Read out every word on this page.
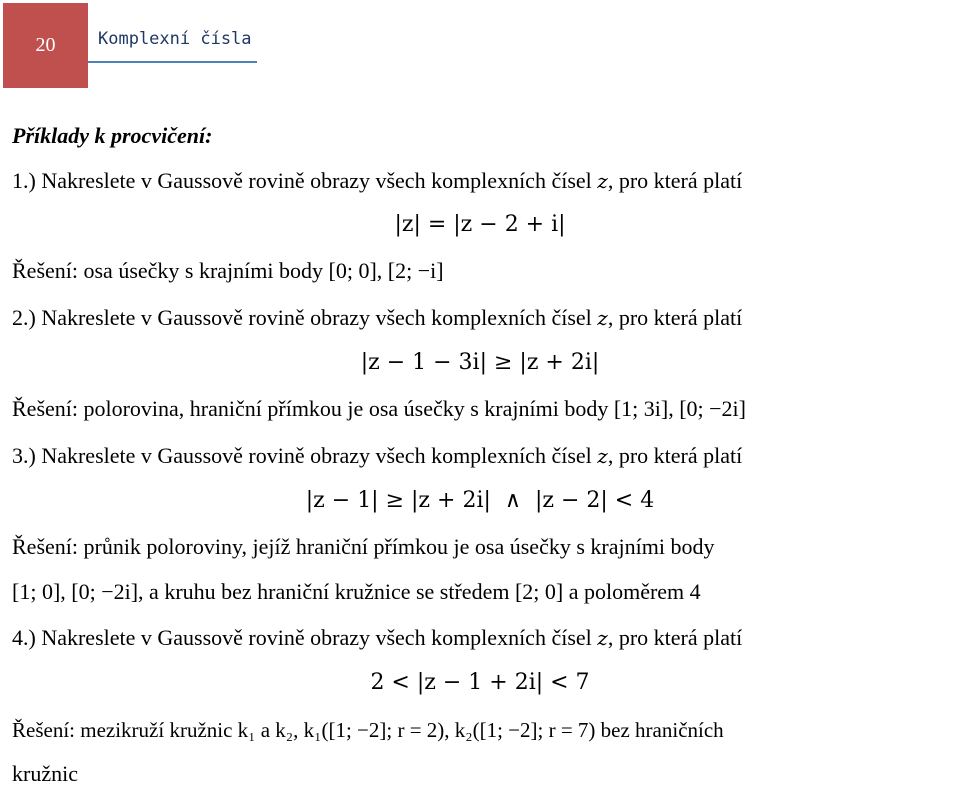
20	Komplexní čísla
Příklady k procvičení:
1.) Nakreslete v Gaussově rovině obrazy všech komplexních čísel z, pro která platí
|z| = |z − 2 + i|
Řešení: osa úsečky s krajními body [0; 0], [2; −i]
2.) Nakreslete v Gaussově rovině obrazy všech komplexních čísel z, pro která platí
|z − 1 − 3i| ≥ |z + 2i|
Řešení: polorovina, hraniční přímkou je osa úsečky s krajními body [1; 3i], [0; −2i]
3.) Nakreslete v Gaussově rovině obrazy všech komplexních čísel z, pro která platí
|z − 1| ≥ |z + 2i|  ∧  |z − 2| < 4
Řešení: průnik poloroviny, jejíž hraniční přímkou je osa úsečky s krajními body
[1; 0], [0; −2i], a kruhu bez hraniční kružnice se středem [2; 0] a poloměrem 4
4.) Nakreslete v Gaussově rovině obrazy všech komplexních čísel z, pro která platí
2 < |z − 1 + 2i| < 7
Řešení: mezikruží kružnic k₁ a k₂, k₁([1; −2]; r = 2), k₂([1; −2]; r = 7) bez hraničních
kružnic
